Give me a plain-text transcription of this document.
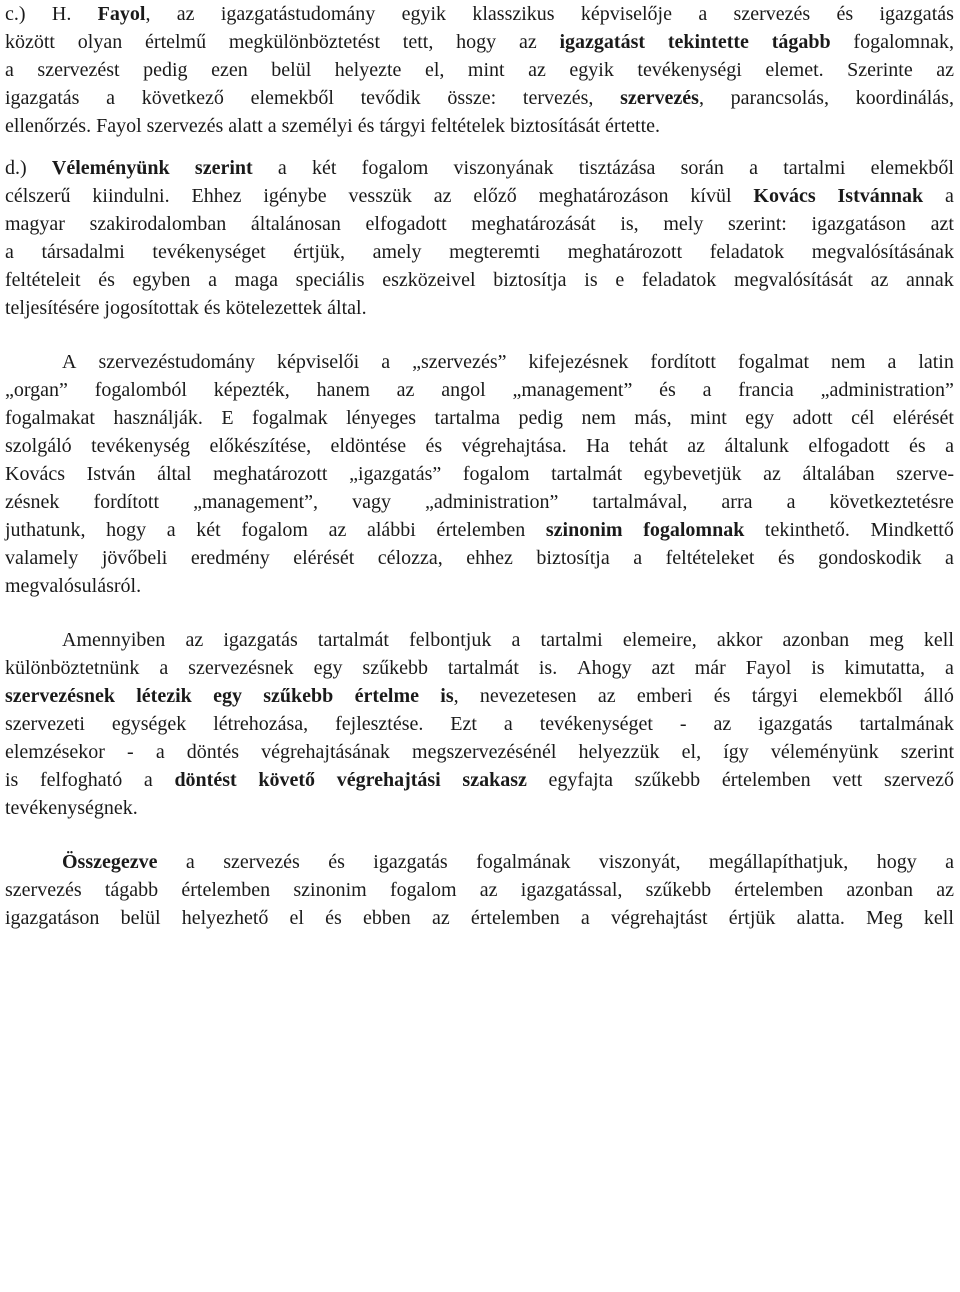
c.) H. Fayol, az igazgatástudomány egyik klasszikus képviselője a szervezés és igazgatás
között olyan értelmű megkülönböztetést tett, hogy az igazgatást tekintette tágabb fogalomnak,
a szervezést pedig ezen belül helyezte el, mint az egyik tevékenységi elemet. Szerinte az
igazgatás a következő elemekből tevődik össze: tervezés, szervezés, parancsolás, koordinálás,
ellenőrzés. Fayol szervezés alatt a személyi és tárgyi feltételek biztosítását értette.
d.) Véleményünk szerint a két fogalom viszonyának tisztázása során a tartalmi elemekből
célszerű kiindulni. Ehhez igénybe vesszük az előző meghatározáson kívül Kovács Istvánnak a
magyar szakirodalomban általánosan elfogadott meghatározását is, mely szerint: igazgatáson azt
a társadalmi tevékenységet értjük, amely megteremti meghatározott feladatok megvalósításának
feltételeit és egyben a maga speciális eszközeivel biztosítja is e feladatok megvalósítását az annak
teljesítésére jogosítottak és kötelezettek által.
A szervezéstudomány képviselői a „szervezés” kifejezésnek fordított fogalmat nem a latin
„organ” fogalomból képezték, hanem az angol „management” és a francia „administration”
fogalmakat használják. E fogalmak lényeges tartalma pedig nem más, mint egy adott cél elérését
szolgáló tevékenység előkészítése, eldöntése és végrehajtása. Ha tehát az általunk elfogadott és a
Kovács István által meghatározott „igazgatás” fogalom tartalmát egybevetjük az általában szerve-
zésnek fordított „management”, vagy „administration” tartalmával, arra a következtetésre
juthatunk, hogy a két fogalom az alábbi értelemben szinonim fogalomnak tekinthető. Mindkettő
valamely jövőbeli eredmény elérését célozza, ehhez biztosítja a feltételeket és gondoskodik a
megvalósulásról.
Amennyiben az igazgatás tartalmát felbontjuk a tartalmi elemeire, akkor azonban meg kell
különböztetnünk a szervezésnek egy szűkebb tartalmát is. Ahogy azt már Fayol is kimutatta, a
szervezésnek létezik egy szűkebb értelme is, nevezetesen az emberi és tárgyi elemekből álló
szervezeti egységek létrehozása, fejlesztése. Ezt a tevékenységet - az igazgatás tartalmának
elemzésekor - a döntés végrehajtásának megszervezésénél helyezzük el, így véleményünk szerint
is felfogható a döntést követő végrehajtási szakasz egyfajta szűkebb értelemben vett szervező
tevékenységnek.
Összegezve a szervezés és igazgatás fogalmának viszonyát, megállapíthatjuk, hogy a
szervezés tágabb értelemben szinonim fogalom az igazgatással, szűkebb értelemben azonban az
igazgatáson belül helyezhető el és ebben az értelemben a végrehajtást értjük alatta. Meg kell
